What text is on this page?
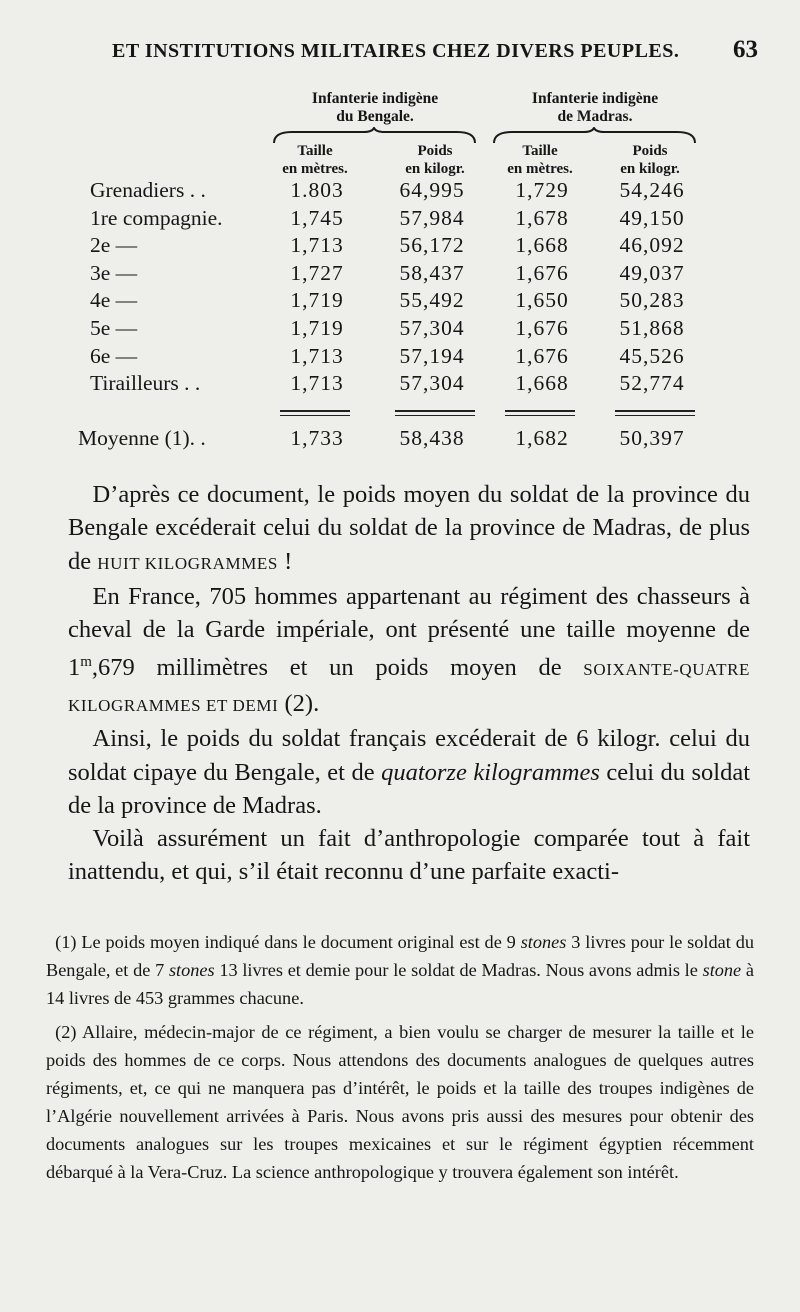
ET INSTITUTIONS MILITAIRES CHEZ DIVERS PEUPLES. 63
Infanterie indigène
du Bengale.
Infanterie indigène
de Madras.
Taille
en mètres.
Poids
en kilogr.
Taille
en mètres.
Poids
en kilogr.
Grenadiers . .	1.803	64,995	1,729	54,246
1re compagnie.	1,745	57,984	1,678	49,150
2e —	1,713	56,172	1,668	46,092
3e —	1,727	58,437	1,676	49,037
4e —	1,719	55,492	1,650	50,283
5e —	1,719	57,304	1,676	51,868
6e —	1,713	57,194	1,676	45,526
Tirailleurs . .	1,713	57,304	1,668	52,774
Moyenne (1). .	1,733	58,438	1,682	50,397

 D’après ce document, le poids moyen du soldat de la province du Bengale excéderait celui du soldat de la province de Madras, de plus de HUIT KILOGRAMMES !

 En France, 705 hommes appartenant au régiment des chasseurs à cheval de la Garde impériale, ont présenté une taille moyenne de 1$^m$,679 millimètres et un poids moyen de SOIXANTE-QUATRE KILOGRAMMES ET DEMI (2).

 Ainsi, le poids du soldat français excéderait de 6 kilogr. celui du soldat cipaye du Bengale, et de quatorze kilogrammes celui du soldat de la province de Madras.

 Voilà assurément un fait d’anthropologie comparée tout à fait inattendu, et qui, s’il était reconnu d’une parfaite exacti-

 (1) Le poids moyen indiqué dans le document original est de 9 stones 3 livres pour le soldat du Bengale, et de 7 stones 13 livres et demie pour le soldat de Madras. Nous avons admis le stone à 14 livres de 453 grammes chacune.

 (2) Allaire, médecin-major de ce régiment, a bien voulu se charger de mesurer la taille et le poids des hommes de ce corps. Nous attendons des documents analogues de quelques autres régiments, et, ce qui ne manquera pas d’intérêt, le poids et la taille des troupes indigènes de l’Algérie nouvellement arrivées à Paris. Nous avons pris aussi des mesures pour obtenir des documents analogues sur les troupes mexicaines et sur le régiment égyptien récemment débarqué à la Vera-Cruz. La science anthropologique y trouvera également son intérêt.
